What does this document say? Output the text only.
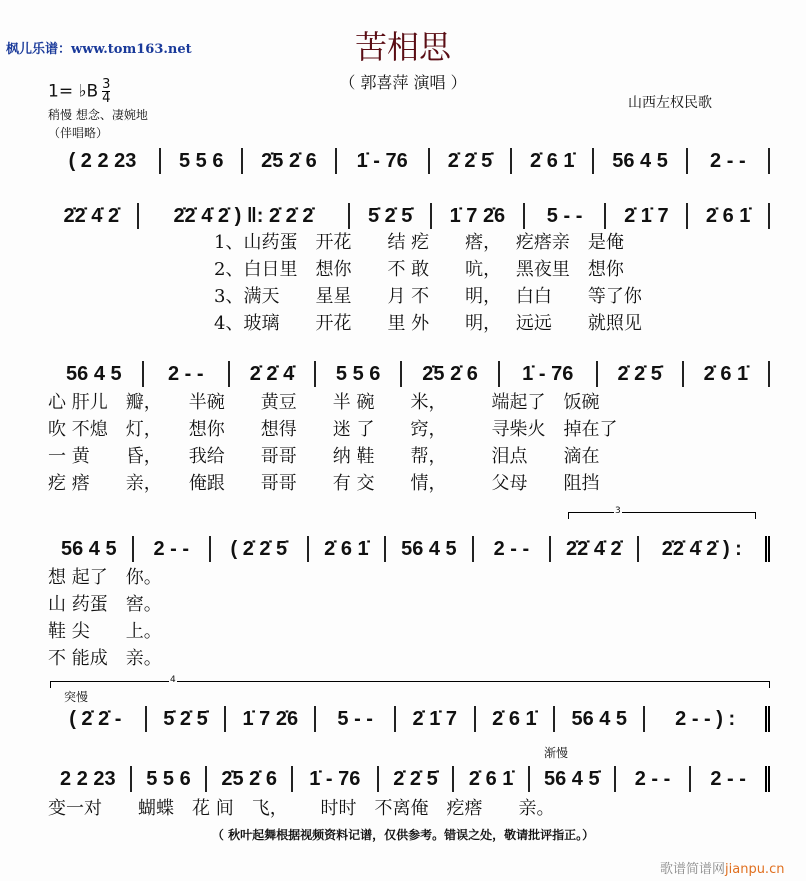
枫儿乐谱：www.tom163.net	苦相思
（ 郭喜萍 演唱 ）
1= ♭B $\frac{3}{4}$	山西左权民歌
稍慢 想念、凄婉地
（伴唱略）
( 2 2 23	5 5 6	2̇5 2̇ 6	1̇ - 76	2̇ 2̇ 5̇	2̇ 6 1̇	56 4 5	2 - -
2̇2̇ 4̇ 2̇	2̇2̇ 4̇ 2̇ ) ‖: 2̇ 2̇ 2̇	5̇ 2̇ 5̇	1̇ 7 2̇6	5 - -	2̇ 1̇ 7	2̇ 6 1̇
1、山药蛋　开花　　结 疙　　瘩，　 疙瘩亲　是俺
2、白日里　想你　　不 敢　　吭，　 黑夜里　想你
3、满天　　星星　　月 不　　明，　 白白　　等了你
4、玻璃　　开花　　里 外　　明，　 远远　　就照见
56 4 5	2 - -	2̇ 2̇ 4̇	5 5 6	2̇5 2̇ 6	1̇ - 76	2̇ 2̇ 5̇	2̇ 6 1̇
心 肝儿　瓣，　　半碗　　黄豆　　半 碗　　米，　　　端起了　饭碗
吹 不熄　灯，　　想你　　想得　　迷 了　　窍，　　　寻柴火　掉在了
一 黄　　昏，　　我给　　哥哥　　纳 鞋　　帮，　　　泪点　　滴在
疙 瘩　　亲，　　俺跟　　哥哥　　有 交　　情，　　　父母　　阻挡
3
56 4 5	2 - -	( 2̇ 2̇ 5̇	2̇ 6 1̇	56 4 5	2 - -	2̇2̇ 4̇ 2̇	2̇2̇ 4̇ 2̇ ) :
想 起了　你。
山 药蛋　窖。
鞋 尖　　上。
不 能成　亲。
4
突慢
( 2̇ 2̇ -	5̇ 2̇ 5̇	1̇ 7 2̇6	5 - -	2̇ 1̇ 7	2̇ 6 1̇	56 4 5	2 - - ) :
渐慢
2 2 23	5 5 6	2̇5 2̇ 6	1̇ - 76	2̇ 2̇ 5̇	2̇ 6 1̇	56 4 5̇	2 - -	2 - -
变一对　　蝴蝶　花 间　飞，　　 时时　不离俺　疙瘩　　亲。
（ 秋叶起舞根据视频资料记谱，仅供参考。错误之处，敬请批评指正。）
歌谱简谱网jianpu.cn
